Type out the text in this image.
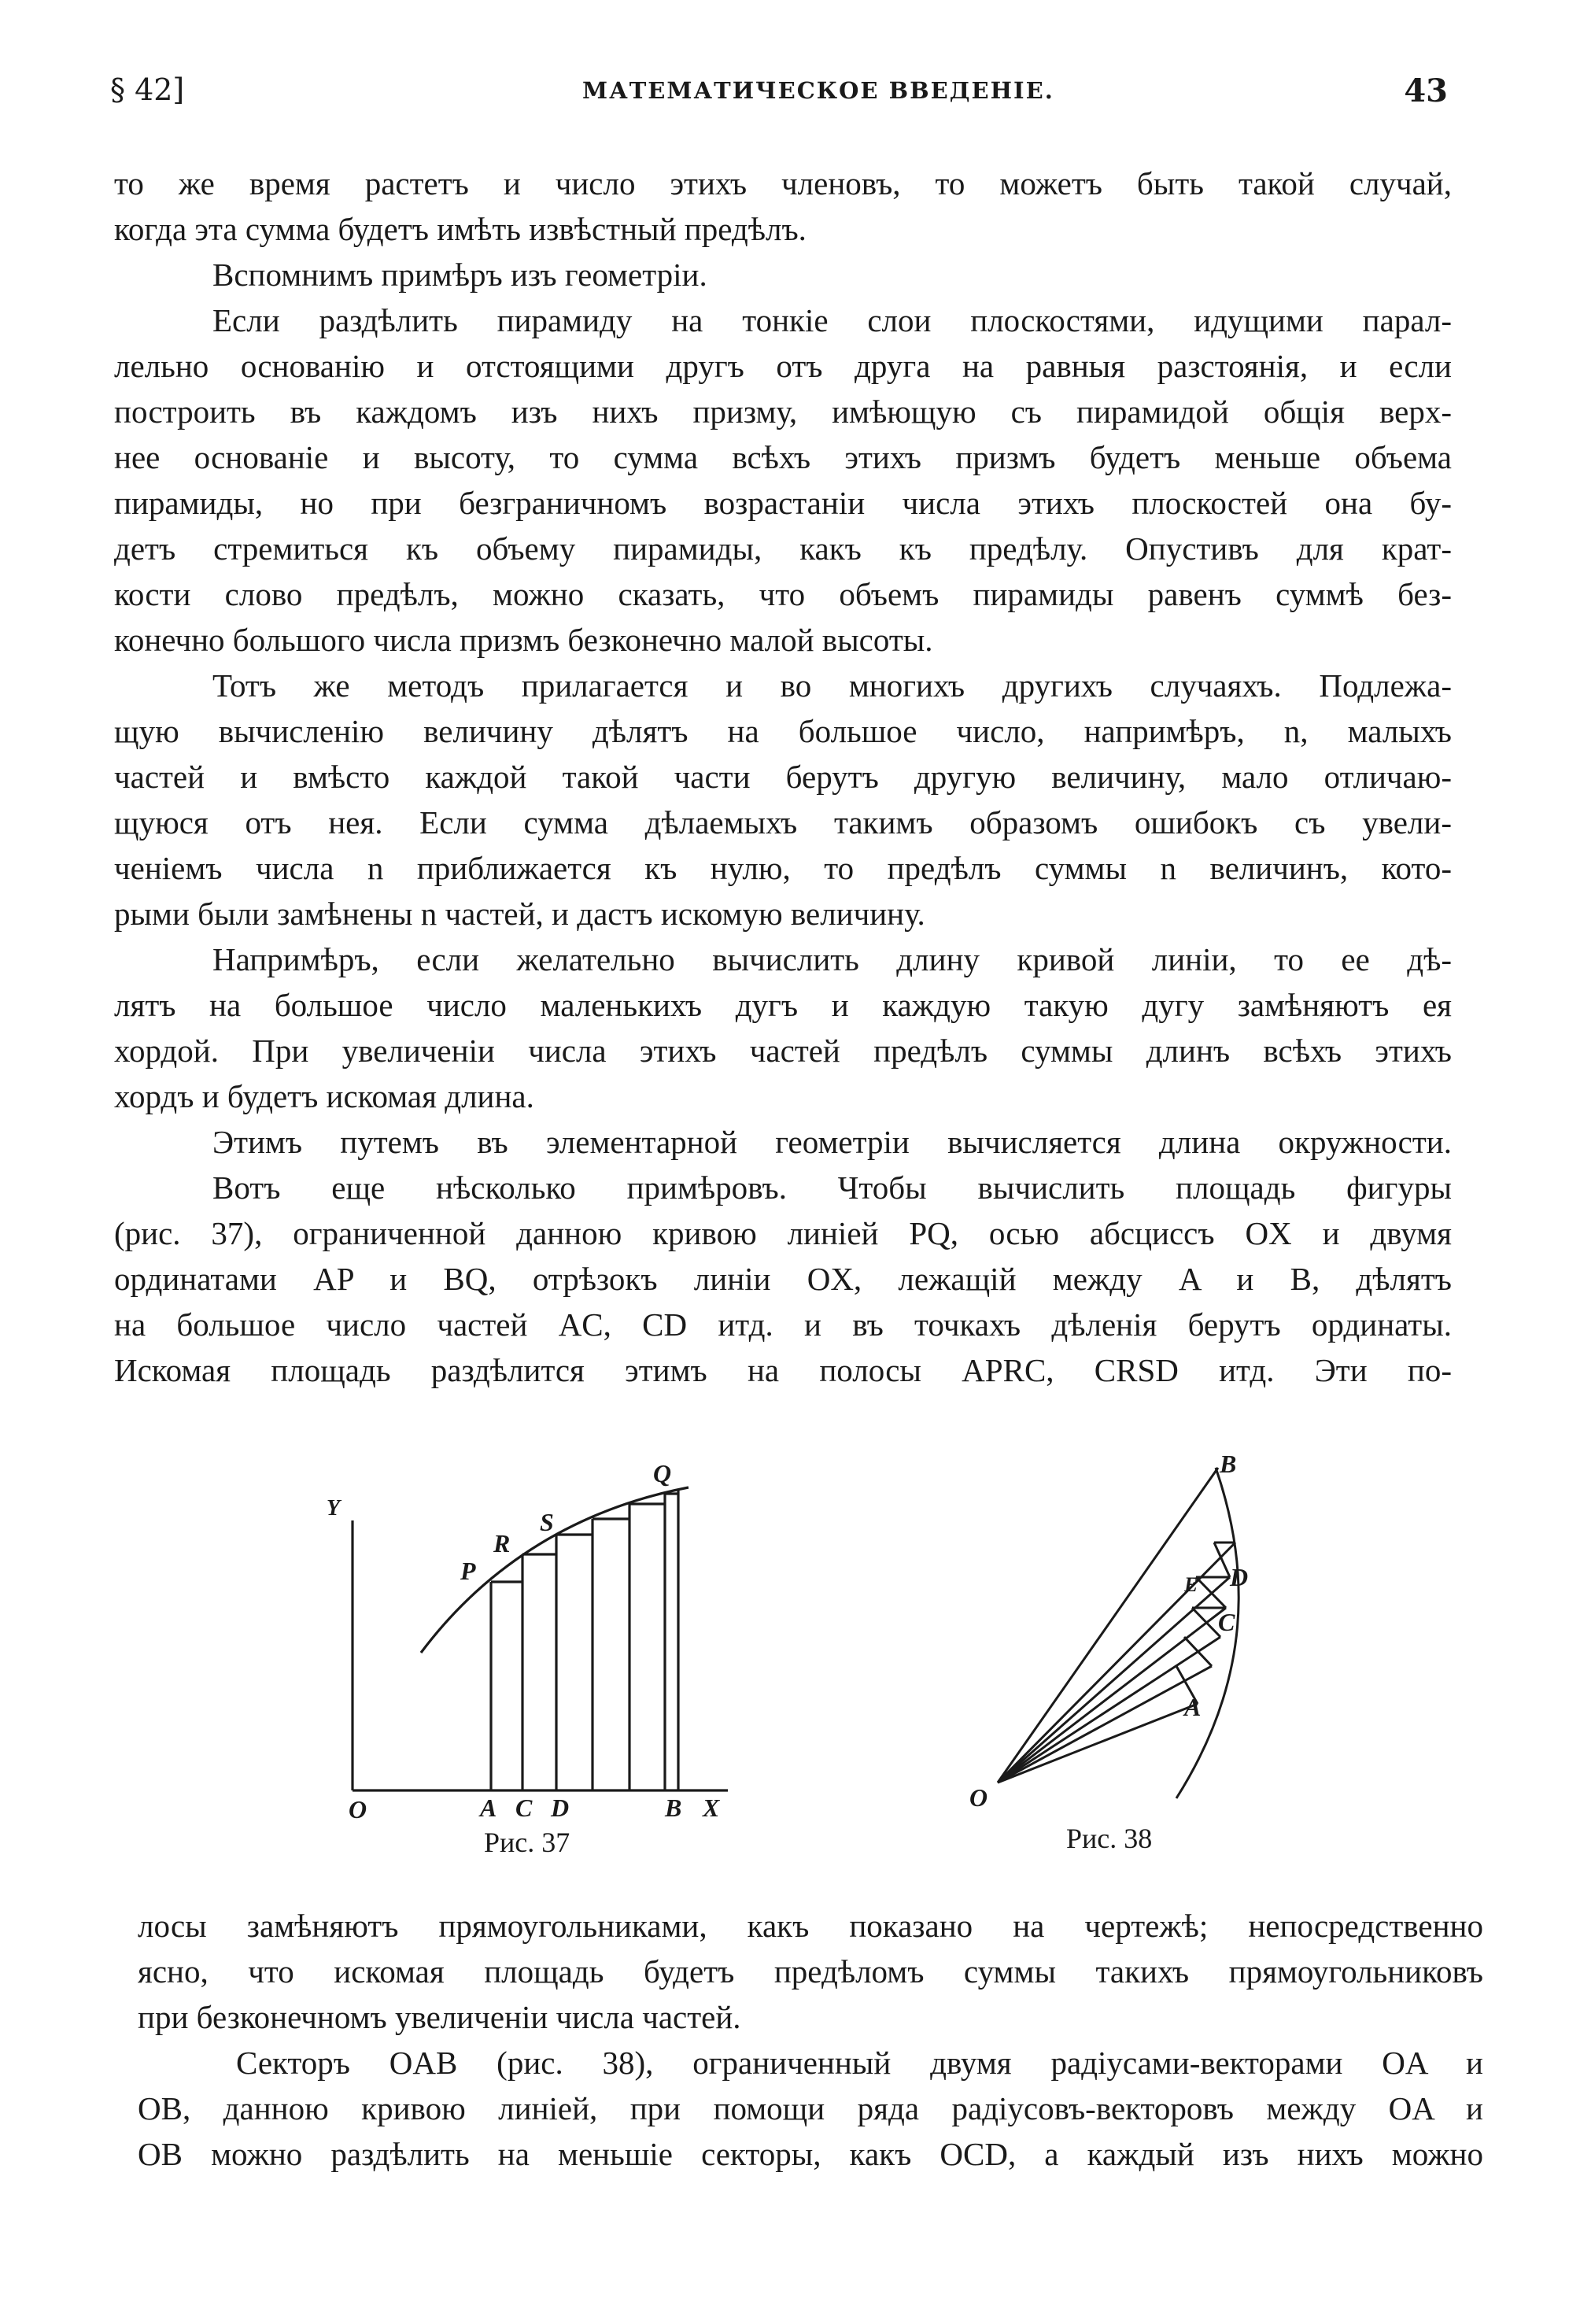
§ 42]	МАТЕМАТИЧЕСКОЕ ВВЕДЕНІЕ.	43
то же время растетъ и число этихъ членовъ, то можетъ быть такой случай,
когда эта сумма будетъ имѣть извѣстный предѣлъ.
Вспомнимъ примѣръ изъ геометріи.
Если раздѣлить пирамиду на тонкіе слои плоскостями, идущими парал-
лельно основанію и отстоящими другъ отъ друга на равныя разстоянія, и если
построить въ каждомъ изъ нихъ призму, имѣющую съ пирамидой общія верх-
нее основаніе и высоту, то сумма всѣхъ этихъ призмъ будетъ меньше объема
пирамиды, но при безграничномъ возрастаніи числа этихъ плоскостей она бу-
детъ стремиться къ объему пирамиды, какъ къ предѣлу. Опустивъ для крат-
кости слово предѣлъ, можно сказать, что объемъ пирамиды равенъ суммѣ без-
конечно большого числа призмъ безконечно малой высоты.
Тотъ же методъ прилагается и во многихъ другихъ случаяхъ. Подлежа-
щую вычисленію величину дѣлятъ на большое число, напримѣръ, n, малыхъ
частей и вмѣсто каждой такой части берутъ другую величину, мало отличаю-
щуюся отъ нея. Если сумма дѣлаемыхъ такимъ образомъ ошибокъ съ увели-
ченіемъ числа n приближается къ нулю, то предѣлъ суммы n величинъ, кото-
рыми были замѣнены n частей, и дастъ искомую величину.
Напримѣръ, если желательно вычислить длину кривой линіи, то ее дѣ-
лятъ на большое число маленькихъ дугъ и каждую такую дугу замѣняютъ ея
хордой. При увеличеніи числа этихъ частей предѣлъ суммы длинъ всѣхъ этихъ
хордъ и будетъ искомая длина.
Этимъ путемъ въ элементарной геометріи вычисляется длина окружности.
Вотъ еще нѣсколько примѣровъ. Чтобы вычислить площадь фигуры
(рис. 37), ограниченной данною кривою линіей PQ, осью абсциссъ OX и двумя
ординатами AP и BQ, отрѣзокъ линіи OX, лежащій между A и B, дѣлятъ
на большое число частей AC, CD итд. и въ точкахъ дѣленія берутъ ординаты.
Искомая площадь раздѣлится этимъ на полосы APRC, CRSD итд. Эти по-
Y
O	A C D	B X
P
R
S
Q
O
A
C
D
E
B
Рис. 37	Рис. 38
лосы замѣняютъ прямоугольниками, какъ показано на чертежѣ; непосредственно
ясно, что искомая площадь будетъ предѣломъ суммы такихъ прямоугольниковъ
при безконечномъ увеличеніи числа частей.
Секторъ OAB (рис. 38), ограниченный двумя радіусами-векторами OA и
OB, данною кривою линіей, при помощи ряда радіусовъ-векторовъ между OA и
OB можно раздѣлить на меньшіе секторы, какъ OCD, а каждый изъ нихъ можно
